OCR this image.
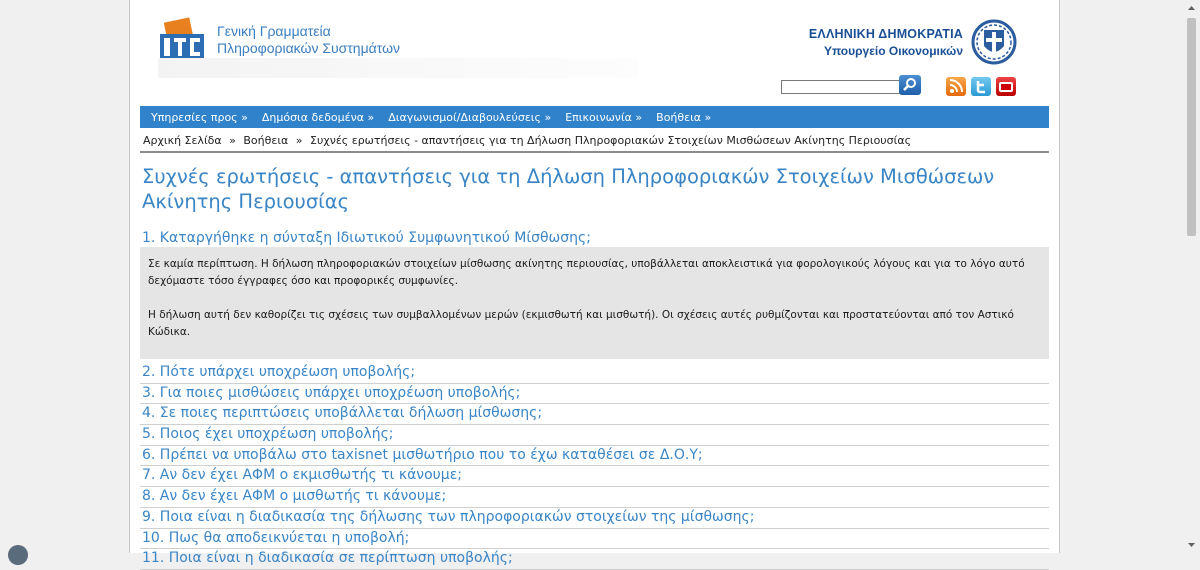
Γενική Γραμματεία
Πληροφοριακών Συστημάτων
ΕΛΛΗΝΙΚΗ ΔΗΜΟΚΡΑΤΙΑ
Υπουργείο Οικονομικών
Υπηρεσίες προς » Δημόσια δεδομένα » Διαγωνισμοί/Διαβουλεύσεις » Επικοινωνία » Βοήθεια »
Αρχική Σελίδα » Βοήθεια » Συχνές ερωτήσεις - απαντήσεις για τη Δήλωση Πληροφοριακών Στοιχείων Μισθώσεων Ακίνητης Περιουσίας
Συχνές ερωτήσεις - απαντήσεις για τη Δήλωση Πληροφοριακών Στοιχείων Μισθώσεων Ακίνητης Περιουσίας
1. Καταργήθηκε η σύνταξη Ιδιωτικού Συμφωνητικού Μίσθωσης;

Σε καμία περίπτωση. Η δήλωση πληροφοριακών στοιχείων μίσθωσης ακίνητης περιουσίας, υποβάλλεται αποκλειστικά για φορολογικούς λόγους και για το λόγο αυτό δεχόμαστε τόσο έγγραφες όσο και προφορικές συμφωνίες.

Η δήλωση αυτή δεν καθορίζει τις σχέσεις των συμβαλλομένων μερών (εκμισθωτή και μισθωτή). Οι σχέσεις αυτές ρυθμίζονται και προστατεύονται από τον Αστικό Κώδικα.

2. Πότε υπάρχει υποχρέωση υποβολής;
3. Για ποιες μισθώσεις υπάρχει υποχρέωση υποβολής;
4. Σε ποιες περιπτώσεις υποβάλλεται δήλωση μίσθωσης;
5. Ποιος έχει υποχρέωση υποβολής;
6. Πρέπει να υποβάλω στο taxisnet μισθωτήριο που το έχω καταθέσει σε Δ.Ο.Υ;
7. Αν δεν έχει ΑΦΜ ο εκμισθωτής τι κάνουμε;
8. Αν δεν έχει ΑΦΜ ο μισθωτής τι κάνουμε;
9. Ποια είναι η διαδικασία της δήλωσης των πληροφοριακών στοιχείων της μίσθωσης;
10. Πως θα αποδεικνύεται η υποβολή;
11. Ποια είναι η διαδικασία σε περίπτωση υποβολής;
